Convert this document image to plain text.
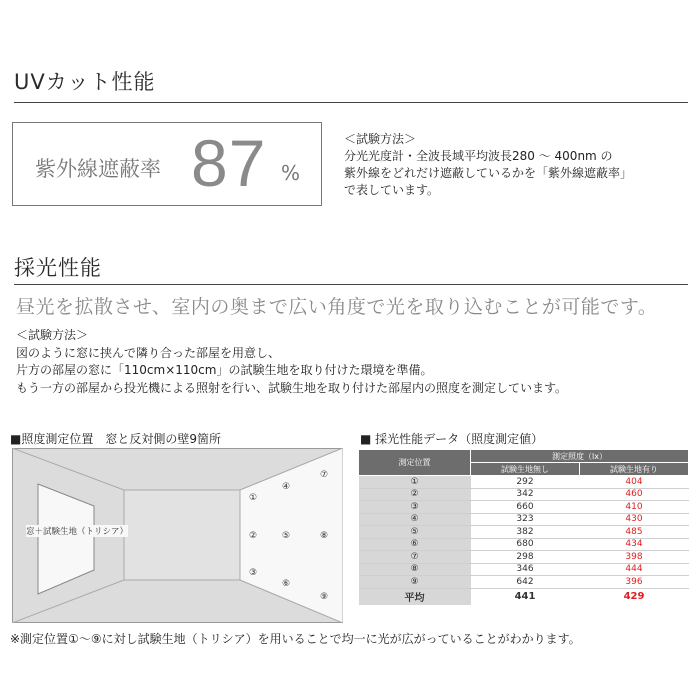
UVカット性能
紫外線遮蔽率 87 %
＜試験方法＞
分光光度計・全波長域平均波長280 ～ 400nm の
紫外線をどれだけ遮蔽しているかを「紫外線遮蔽率」
で表しています。
採光性能
昼光を拡散させ、室内の奥まで広い角度で光を取り込むことが可能です。
＜試験方法＞
図のように窓に挟んで隣り合った部屋を用意し、
片方の部屋の窓に「110cm×110cm」の試験生地を取り付けた環境を準備。
もう一方の部屋から投光機による照射を行い、試験生地を取り付けた部屋内の照度を測定しています。
■照度測定位置　窓と反対側の壁9箇所
①
②
③
④
⑤
⑥
⑦
⑧
⑨
窓＋試験生地（トリシア）
■ 採光性能データ（照度測定値）
測定位置	測定照度（lx）	
	試験生地無し	試験生地有り
①	292	404
②	342	460
③	660	410
④	323	430
⑤	382	485
⑥	680	434
⑦	298	398
⑧	346	444
⑨	642	396
平均	441	429
※測定位置①～⑨に対し試験生地（トリシア）を用いることで均一に光が広がっていることがわかります。
